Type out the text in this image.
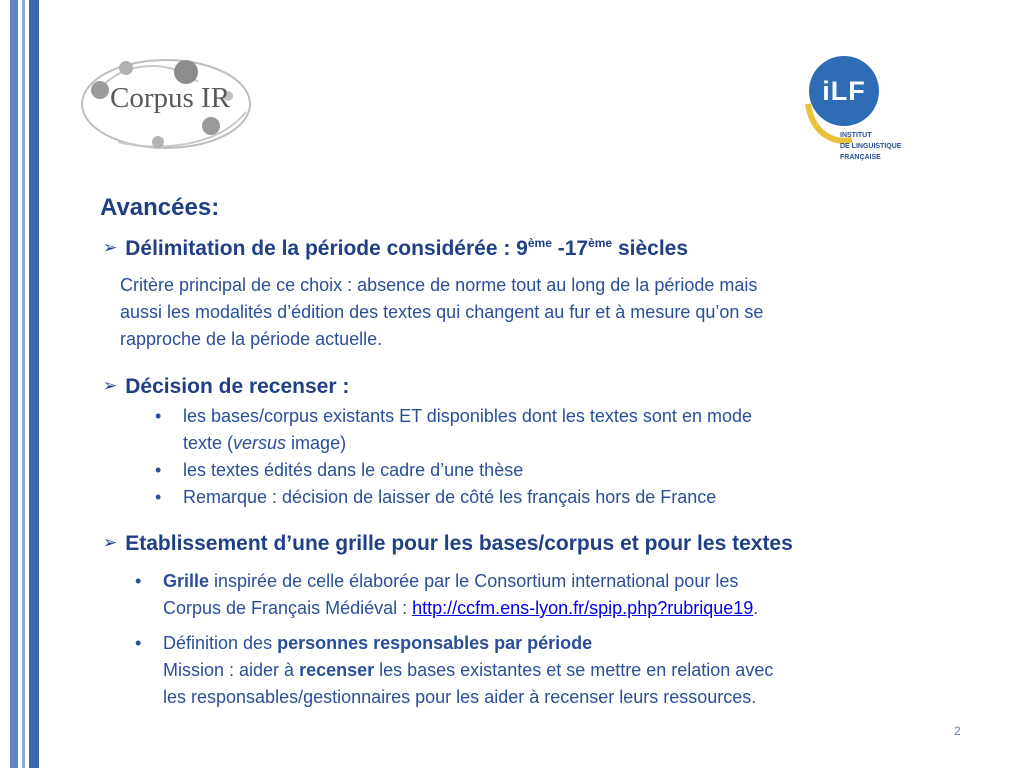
Corpus IR	iLF
INSTITUT
DE LINGUISTIQUE
FRANÇAISE
Avancées:
➢ Délimitation de la période considérée : 9ème -17ème siècles
Critère principal de ce choix : absence de norme tout au long de la période mais
aussi les modalités d’édition des textes qui changent au fur et à mesure qu’on se
rapproche de la période actuelle.
➢ Décision de recenser :
• les bases/corpus existants ET disponibles dont les textes sont en mode
texte (versus image)
• les textes édités dans le cadre d’une thèse
• Remarque : décision de laisser de côté les français hors de France
➢ Etablissement d’une grille pour les bases/corpus et pour les textes
• Grille inspirée de celle élaborée par le Consortium international pour les
Corpus de Français Médiéval : http://ccfm.ens-lyon.fr/spip.php?rubrique19.
• Définition des personnes responsables par période
Mission : aider à recenser les bases existantes et se mettre en relation avec
les responsables/gestionnaires pour les aider à recenser leurs ressources.
2
